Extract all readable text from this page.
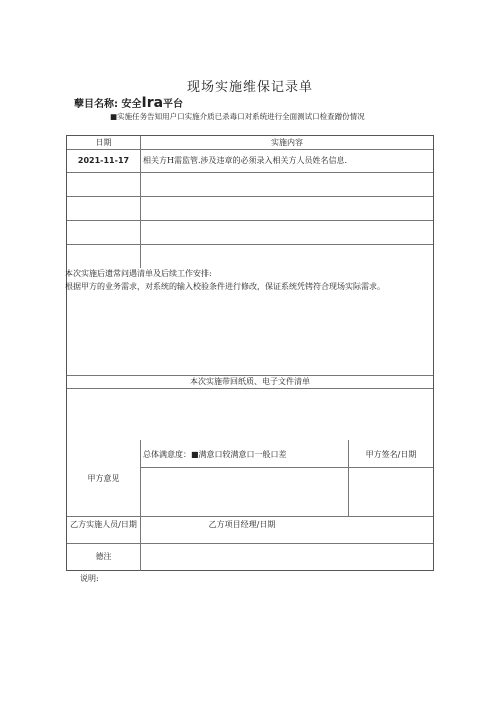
现场实施维保记录单
孽目名称: 安全Ira平台
■实施任务告知用户口实施介质已杀毒口对系统进行全面测试口检查蹭份情况
日期	实施内容
2021-11-17	相关方H需监管.涉及违章的必须录入相关方人员姓名信息.
本次实施后遗常问遇清单及后续工作安排:
根据甲方的业务需求，对系统的输入校验条件进行修改，保证系统凭铐符合现场实际需求。
本次实施带回纸质、电子文件清单
总体满意度：■满意口较满意口一般口差	甲方签名/日期
甲方意见
乙方实施人员/日期	乙方项目经理/日期
德注
说明:
